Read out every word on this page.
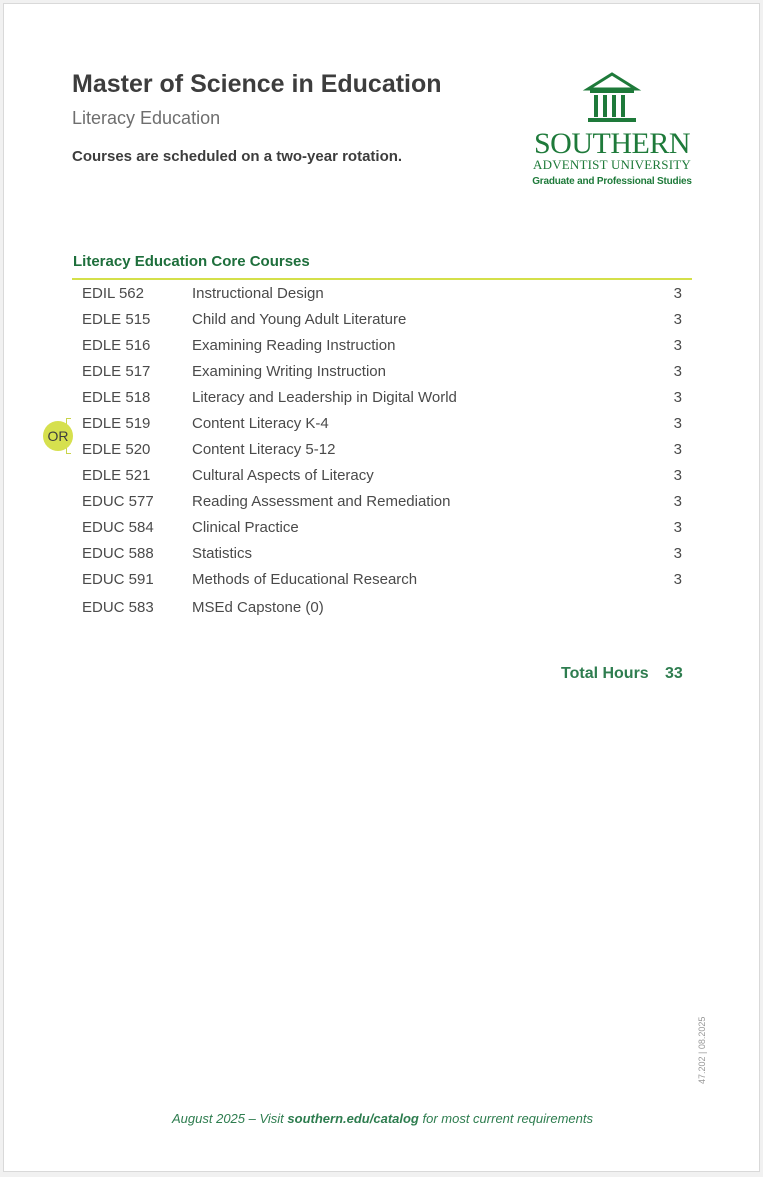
Master of Science in Education
Literacy Education
Courses are scheduled on a two-year rotation.	SOUTHERN
ADVENTIST UNIVERSITY
Graduate and Professional Studies
Literacy Education Core Courses
EDIL 562	Instructional Design	3
EDLE 515	Child and Young Adult Literature	3
EDLE 516	Examining Reading Instruction	3
EDLE 517	Examining Writing Instruction	3
EDLE 518	Literacy and Leadership in Digital World	3
EDLE 519	Content Literacy K-4	3
EDLE 520	Content Literacy 5-12	3
EDLE 521	Cultural Aspects of Literacy	3
EDUC 577	Reading Assessment and Remediation	3
EDUC 584	Clinical Practice	3
EDUC 588	Statistics	3
EDUC 591	Methods of Educational Research	3
EDUC 583	MSEd Capstone (0)
OR
Total Hours 33
47.202 | 08.2025
August 2025 – Visit southern.edu/catalog for most current requirements
